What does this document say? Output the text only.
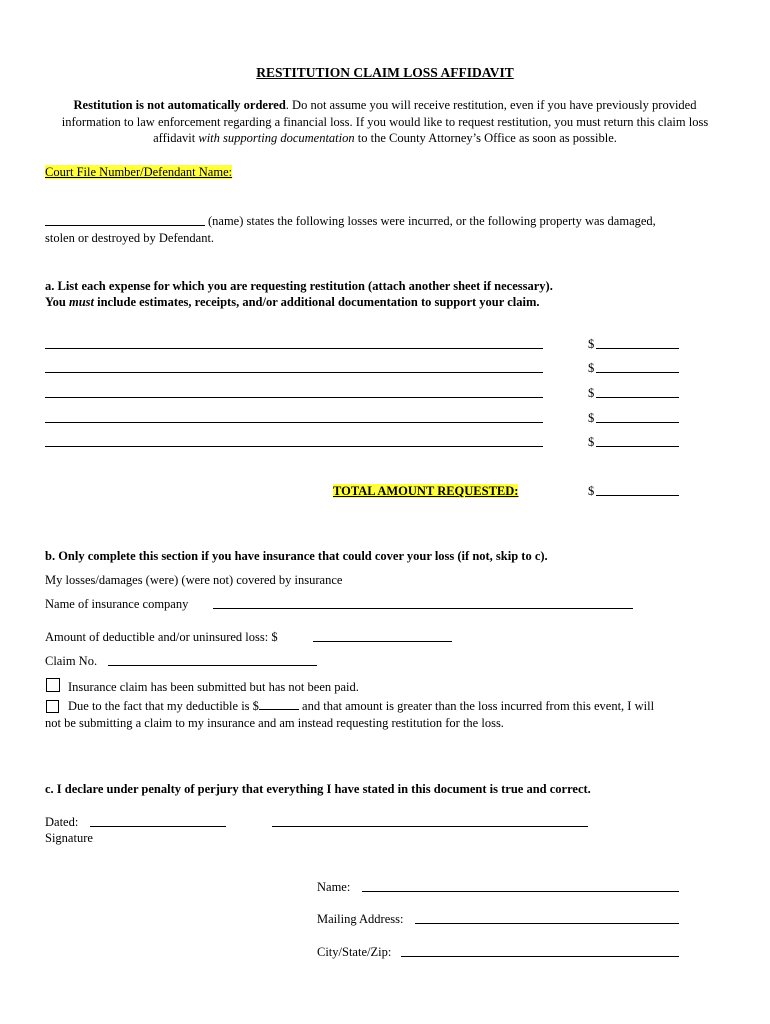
RESTITUTION CLAIM LOSS AFFIDAVIT
Restitution is not automatically ordered. Do not assume you will receive restitution, even if you have previously provided information to law enforcement regarding a financial loss. If you would like to request restitution, you must return this claim loss affidavit with supporting documentation to the County Attorney’s Office as soon as possible.
Court File Number/Defendant Name:
(name) states the following losses were incurred, or the following property was damaged,
stolen or destroyed by Defendant.
a. List each expense for which you are requesting restitution (attach another sheet if necessary).
You must include estimates, receipts, and/or additional documentation to support your claim.
$
$
$
$
$
TOTAL AMOUNT REQUESTED:	$
b. Only complete this section if you have insurance that could cover your loss (if not, skip to c).
My losses/damages (were) (were not) covered by insurance
Name of insurance company
Amount of deductible and/or uninsured loss: $
Claim No.
Insurance claim has been submitted but has not been paid.
Due to the fact that my deductible is $	and that amount is greater than the loss incurred from this event, I will
not be submitting a claim to my insurance and am instead requesting restitution for the loss.
c. I declare under penalty of perjury that everything I have stated in this document is true and correct.
Dated:
Signature
Name:
Mailing Address:
City/State/Zip:
